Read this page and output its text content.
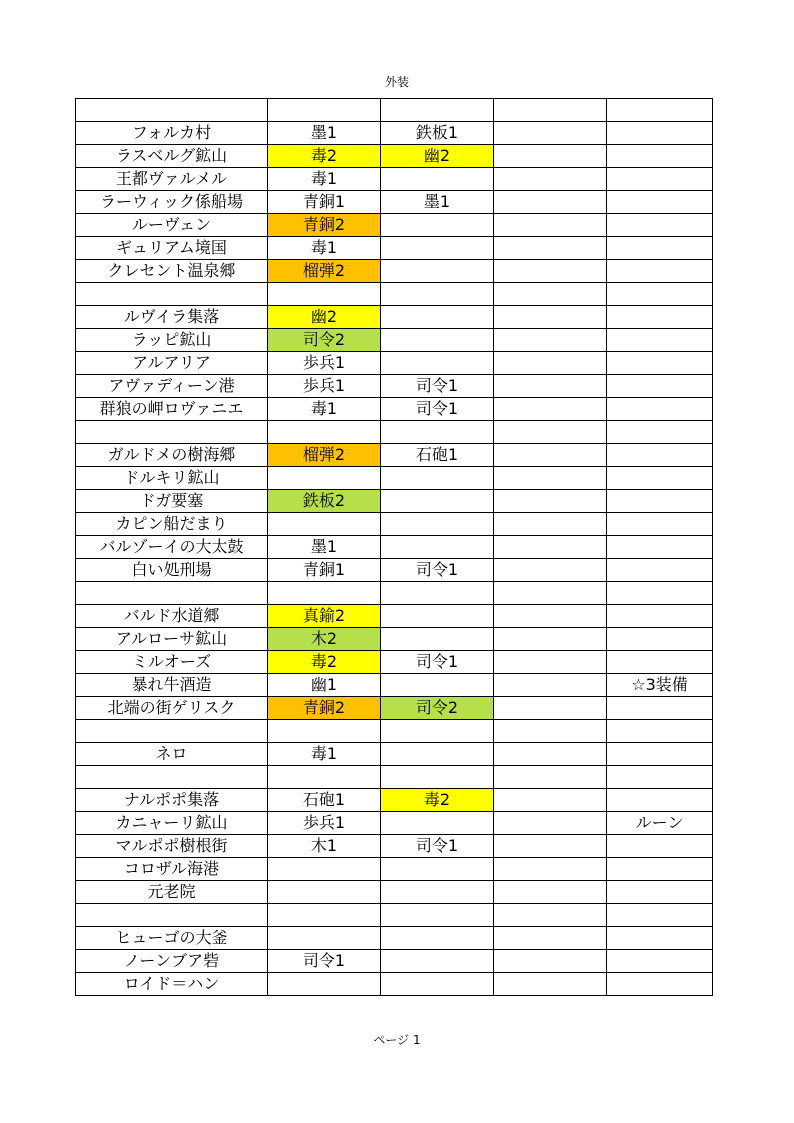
外装

フォルカ村	墨1	鉄板1		
ラスベルグ鉱山	毒2	幽2		
王都ヴァルメル	毒1			
ラーウィック係船場	青銅1	墨1		
ルーヴェン	青銅2			
ギュリアム境国	毒1			
クレセント温泉郷	榴弾2			

ルヴイラ集落	幽2			
ラッピ鉱山	司令2			
アルアリア	歩兵1			
アヴァディーン港	歩兵1	司令1		
群狼の岬ロヴァニエ	毒1	司令1		

ガルドメの樹海郷	榴弾2	石砲1		
ドルキリ鉱山				
ドガ要塞	鉄板2			
カピン船だまり				
バルゾーイの大太鼓	墨1			
白い処刑場	青銅1	司令1		

バルド水道郷	真鍮2			
アルローサ鉱山	木2			
ミルオーズ	毒2	司令1		
暴れ牛酒造	幽1			☆3装備
北端の街ゲリスク	青銅2	司令2		

ネロ	毒1			

ナルポポ集落	石砲1	毒2		
カニャーリ鉱山	歩兵1			ルーン
マルポポ樹根街	木1	司令1		
コロザル海港				
元老院				

ヒューゴの大釜				
ノーンブア砦	司令1			
ロイド＝ハン				
ページ 1
